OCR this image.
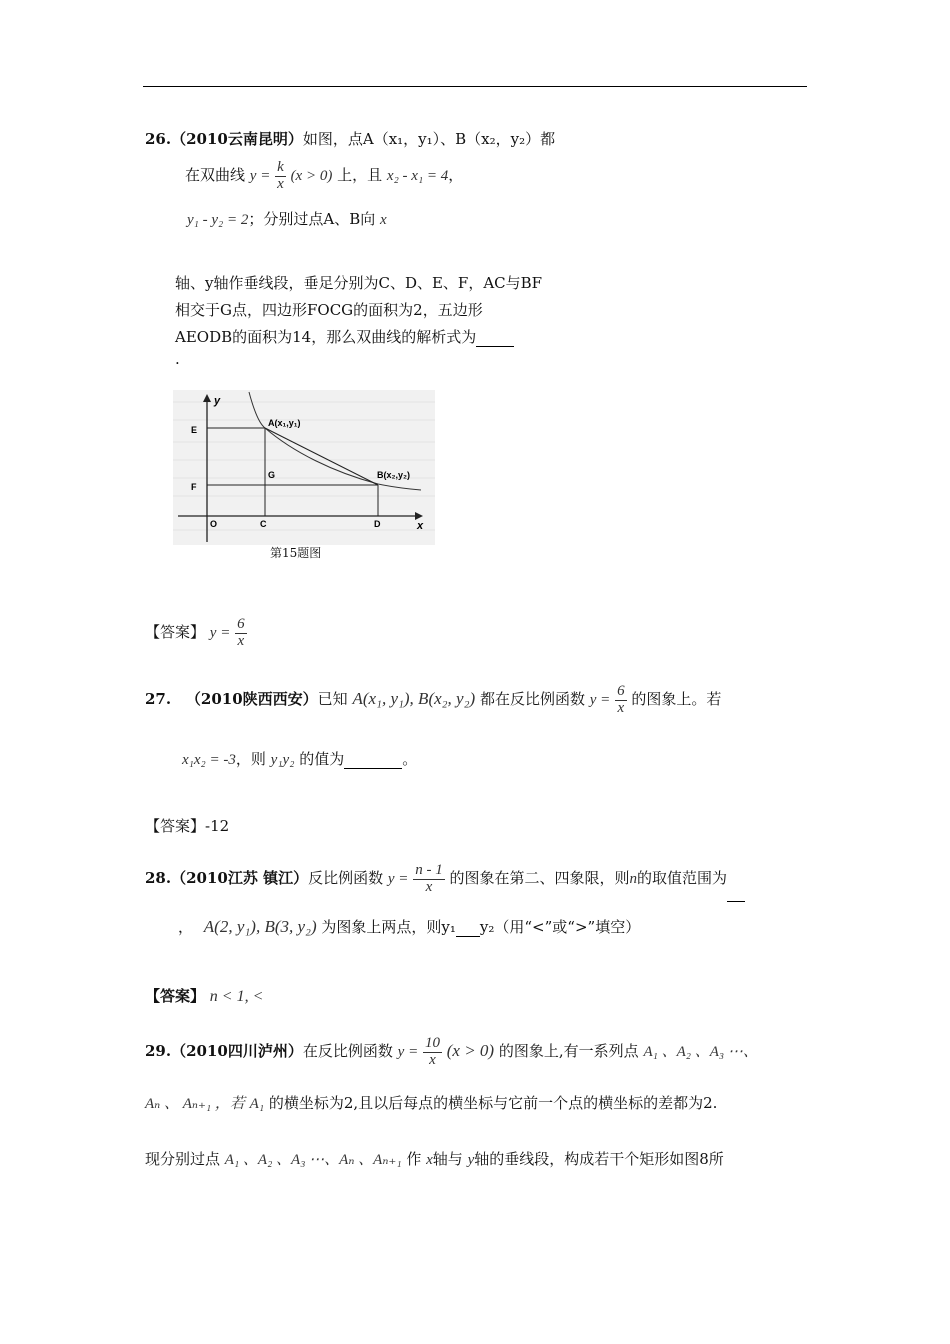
26.（2010云南昆明）如图，点A（x₁，y₁）、B（x₂，y₂）都
在双曲线 $y = \frac{k}{x} (x > 0)$ 上，且 x₂ - x₁ = 4，
y₁ - y₂ = 2；分别过点A、B向 x
轴、y轴作垂线段，垂足分别为C、D、E、F，AC与BF
相交于G点，四边形FOCG的面积为2，五边形
AEODB的面积为14，那么双曲线的解析式为
.
y
x
E
F
O	C	D
G
A(x₁,y₁)
B(x₂,y₂)
第15题图
【答案】 $y = \frac{6}{x}$
27. （2010陕西西安）已知 A(x₁, y₁), B(x₂, y₂) 都在反比例函数 $y = \frac{6}{x}$ 的图象上。若
x₁x₂ = -3，则 y₁y₂ 的值为	。
【答案】-12
28.（2010江苏 镇江）反比例函数 $y = \frac{n - 1}{x}$ 的图象在第二、四象限，则n的取值范围为
， A(2, y₁), B(3, y₂) 为图象上两点，则y₁ y₂（用“<”或“>”填空）
【答案】 n < 1, <
29.（2010四川泸州）在反比例函数 $y = \frac{10}{x} (x > 0)$ 的图象上,有一系列点 A₁ 、A₂ 、A₃ ⋯、
Aₙ 、 Aₙ₊₁ ，若 A₁ 的横坐标为2,且以后每点的横坐标与它前一个点的横坐标的差都为2.
现分别过点 A₁ 、A₂ 、A₃ ⋯、Aₙ 、Aₙ₊₁ 作 x轴与 y轴的垂线段，构成若干个矩形如图8所
